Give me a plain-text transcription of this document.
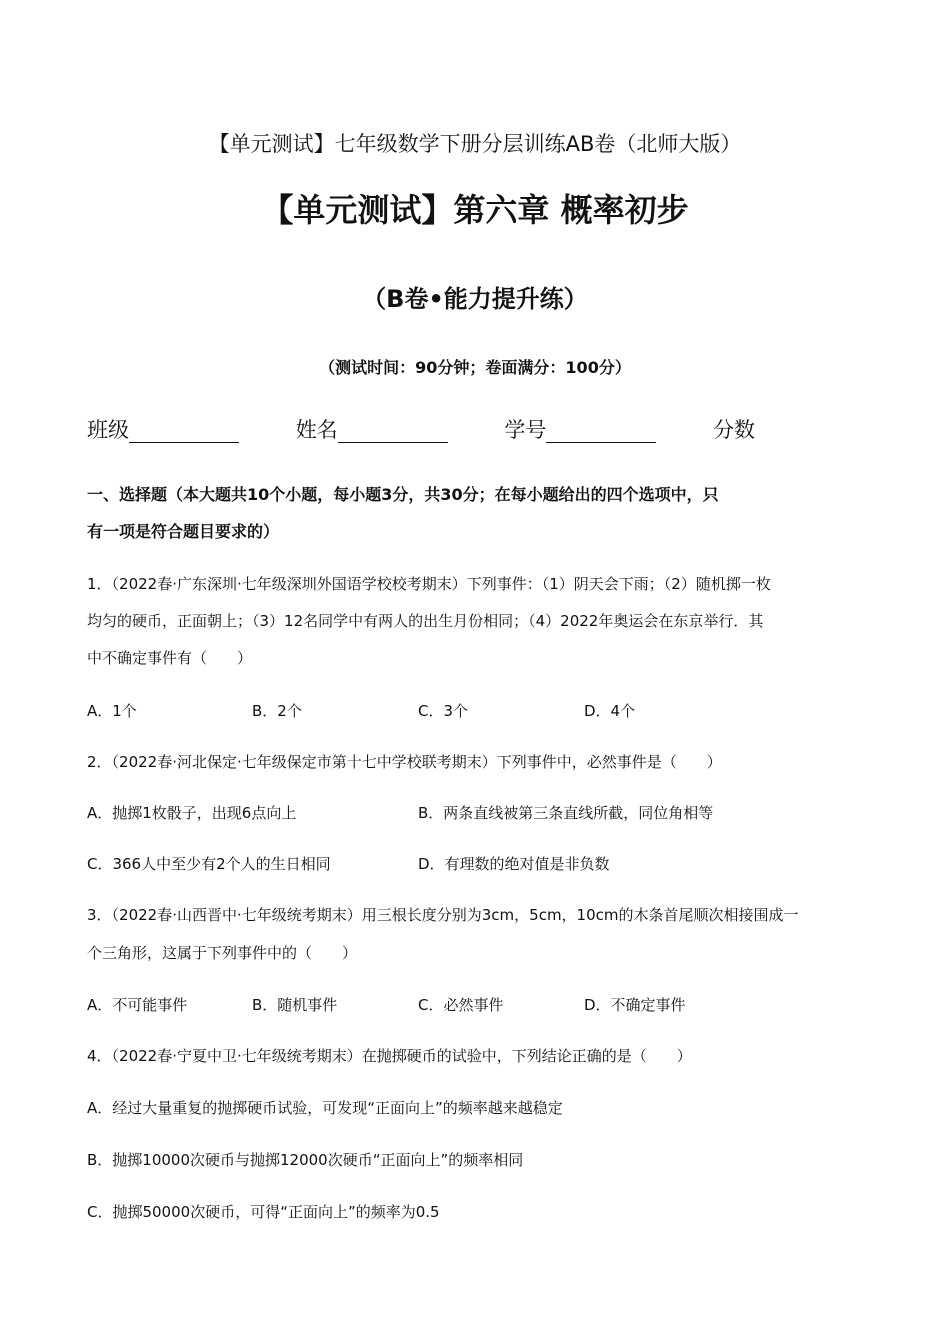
【单元测试】七年级数学下册分层训练AB卷（北师大版）
【单元测试】第六章 概率初步
（B卷•能力提升练）
（测试时间：90分钟；卷面满分：100分）
班级	姓名	学号	分数
一、选择题（本大题共10个小题，每小题3分，共30分；在每小题给出的四个选项中，只
有一项是符合题目要求的）
1．（2022春·广东深圳·七年级深圳外国语学校校考期末）下列事件：（1）阴天会下雨；（2）随机掷一枚
均匀的硬币，正面朝上；（3）12名同学中有两人的出生月份相同；（4）2022年奥运会在东京举行．其
中不确定事件有（　　）
A．1个	B．2个	C．3个	D．4个
2．（2022春·河北保定·七年级保定市第十七中学校联考期末）下列事件中，必然事件是（　　）
A．抛掷1枚骰子，出现6点向上	B．两条直线被第三条直线所截，同位角相等
C．366人中至少有2个人的生日相同	D．有理数的绝对值是非负数
3．（2022春·山西晋中·七年级统考期末）用三根长度分别为3cm，5cm，10cm的木条首尾顺次相接围成一
个三角形，这属于下列事件中的（　　）
A．不可能事件	B．随机事件	C．必然事件	D．不确定事件
4．（2022春·宁夏中卫·七年级统考期末）在抛掷硬币的试验中，下列结论正确的是（　　）
A．经过大量重复的抛掷硬币试验，可发现“正面向上”的频率越来越稳定
B．抛掷10000次硬币与抛掷12000次硬币“正面向上”的频率相同
C．抛掷50000次硬币，可得“正面向上”的频率为0.5
